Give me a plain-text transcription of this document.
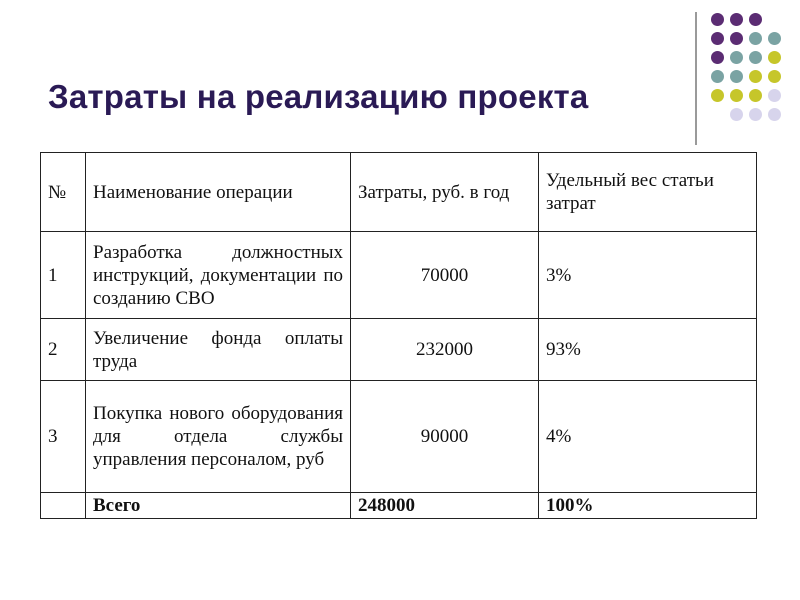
Затраты на реализацию проекта
№	Наименование операции	Затраты, руб. в год	Удельный вес статьи затрат
1	Разработка должностных инструкций, документации по созданию СВО	70000	3%
2	Увеличение фонда оплаты труда	232000	93%
3	Покупка нового оборудования для отдела службы управления персоналом, руб	90000	4%
	Всего	248000	100%
